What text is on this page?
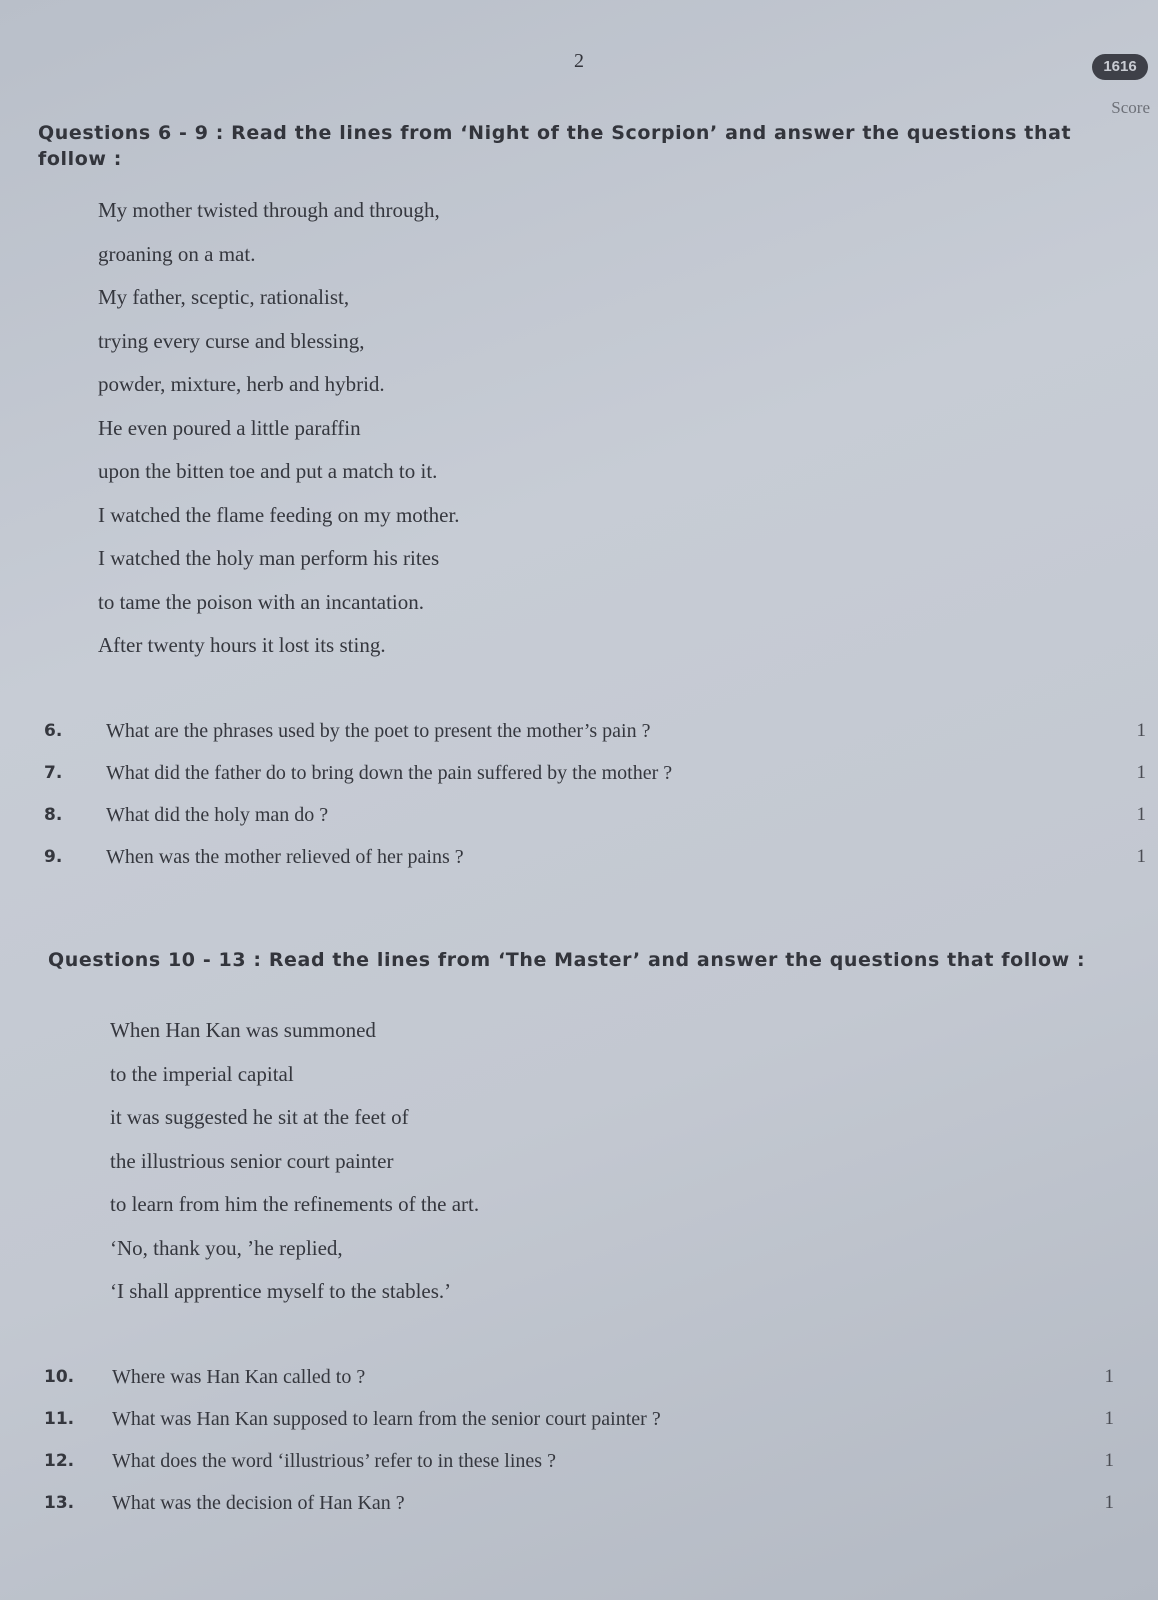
2	1616
Score
Questions 6 - 9 : Read the lines from ‘Night of the Scorpion’ and answer the questions that follow :
My mother twisted through and through,
groaning on a mat.
My father, sceptic, rationalist,
trying every curse and blessing,
powder, mixture, herb and hybrid.
He even poured a little paraffin
upon the bitten toe and put a match to it.
I watched the flame feeding on my mother.
I watched the holy man perform his rites
to tame the poison with an incantation.
After twenty hours it lost its sting.
6.	What are the phrases used by the poet to present the mother’s pain ?	1
7.	What did the father do to bring down the pain suffered by the mother ?	1
8.	What did the holy man do ?	1
9.	When was the mother relieved of her pains ?	1
Questions 10 - 13 : Read the lines from ‘The Master’ and answer the questions that follow :
When Han Kan was summoned
to the imperial capital
it was suggested he sit at the feet of
the illustrious senior court painter
to learn from him the refinements of the art.
‘No, thank you, ’he replied,
‘I shall apprentice myself to the stables.’
10.	Where was Han Kan called to ?	1
11.	What was Han Kan supposed to learn from the senior court painter ?	1
12.	What does the word ‘illustrious’ refer to in these lines ?	1
13.	What was the decision of Han Kan ?	1
